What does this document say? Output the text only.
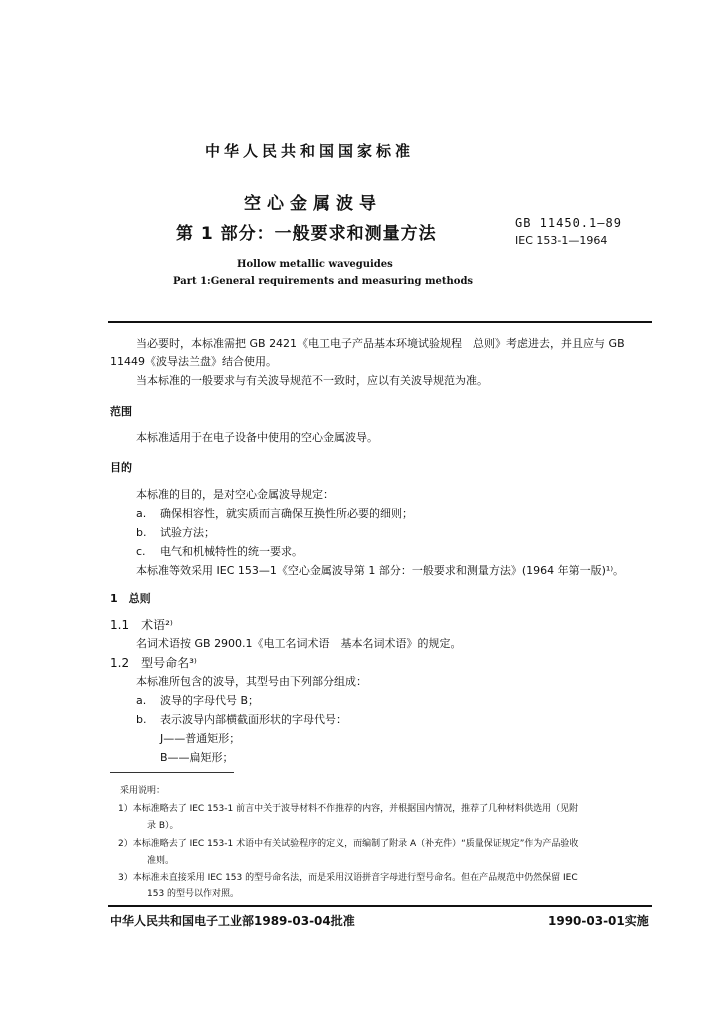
中华人民共和国国家标准
空心金属波导
第 1 部分：一般要求和测量方法
GB 11450.1—89
IEC 153-1—1964
Hollow metallic waveguides
Part 1:General requirements and measuring methods
当必要时，本标准需把 GB 2421《电工电子产品基本环境试验规程　总则》考虑进去，并且应与 GB
11449《波导法兰盘》结合使用。
当本标准的一般要求与有关波导规范不一致时，应以有关波导规范为准。
范围
本标准适用于在电子设备中使用的空心金属波导。
目的
本标准的目的，是对空心金属波导规定：
a. 确保相容性，就实质而言确保互换性所必要的细则；
b. 试验方法；
c. 电气和机械特性的统一要求。
本标准等效采用 IEC 153—1《空心金属波导第 1 部分：一般要求和测量方法》(1964 年第一版)¹⁾。
1　总则
1.1　术语²⁾
名词术语按 GB 2900.1《电工名词术语　基本名词术语》的规定。
1.2　型号命名³⁾
本标准所包含的波导，其型号由下列部分组成：
a. 波导的字母代号 B；
b. 表示波导内部横截面形状的字母代号：
J——普通矩形；
B——扁矩形；
采用说明：
1）本标准略去了 IEC 153-1 前言中关于波导材料不作推荐的内容，并根据国内情况，推荐了几种材料供选用（见附
录 B）。
2）本标准略去了 IEC 153-1 术语中有关试验程序的定义，而编制了附录 A（补充件）“质量保证规定”作为产品验收
准则。
3）本标准未直接采用 IEC 153 的型号命名法，而是采用汉语拼音字母进行型号命名。但在产品规范中仍然保留 IEC
153 的型号以作对照。
中华人民共和国电子工业部1989-03-04批准	1990-03-01实施
